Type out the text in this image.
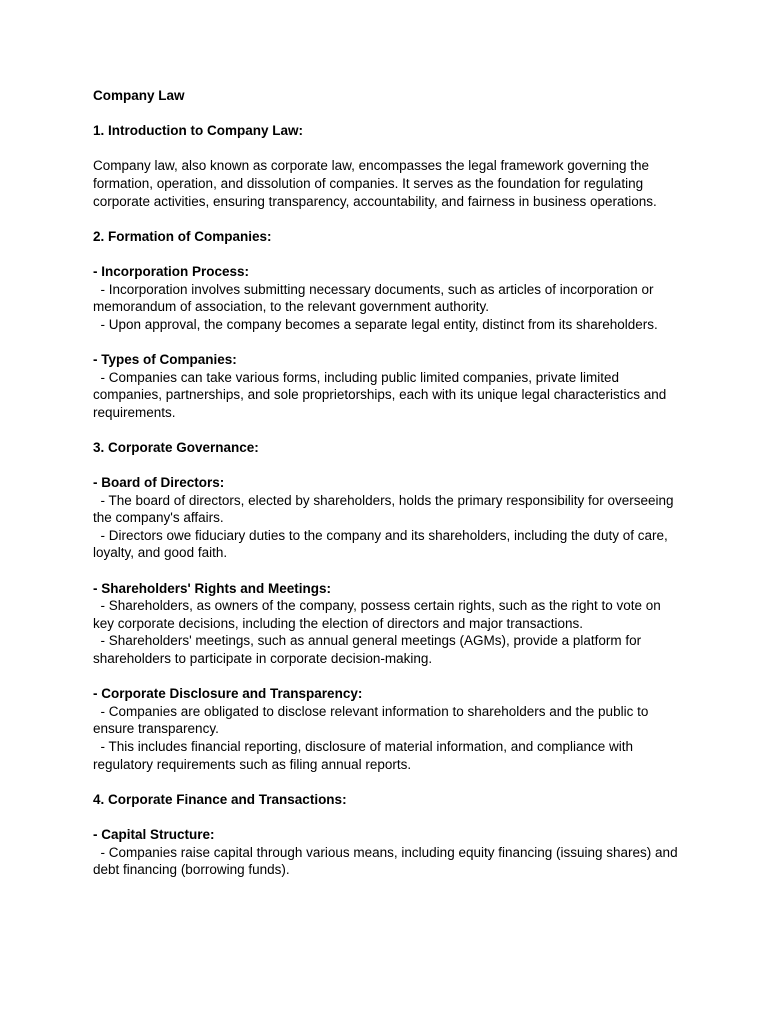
Company Law

1. Introduction to Company Law:

Company law, also known as corporate law, encompasses the legal framework governing the formation, operation, and dissolution of companies. It serves as the foundation for regulating corporate activities, ensuring transparency, accountability, and fairness in business operations.

2. Formation of Companies:

- Incorporation Process:

- Incorporation involves submitting necessary documents, such as articles of incorporation or memorandum of association, to the relevant government authority.

- Upon approval, the company becomes a separate legal entity, distinct from its shareholders.

- Types of Companies:

- Companies can take various forms, including public limited companies, private limited companies, partnerships, and sole proprietorships, each with its unique legal characteristics and requirements.

3. Corporate Governance:

- Board of Directors:

- The board of directors, elected by shareholders, holds the primary responsibility for overseeing the company's affairs.

- Directors owe fiduciary duties to the company and its shareholders, including the duty of care, loyalty, and good faith.

- Shareholders' Rights and Meetings:

- Shareholders, as owners of the company, possess certain rights, such as the right to vote on key corporate decisions, including the election of directors and major transactions.

- Shareholders' meetings, such as annual general meetings (AGMs), provide a platform for shareholders to participate in corporate decision-making.

- Corporate Disclosure and Transparency:

- Companies are obligated to disclose relevant information to shareholders and the public to ensure transparency.

- This includes financial reporting, disclosure of material information, and compliance with regulatory requirements such as filing annual reports.

4. Corporate Finance and Transactions:

- Capital Structure:

- Companies raise capital through various means, including equity financing (issuing shares) and debt financing (borrowing funds).
